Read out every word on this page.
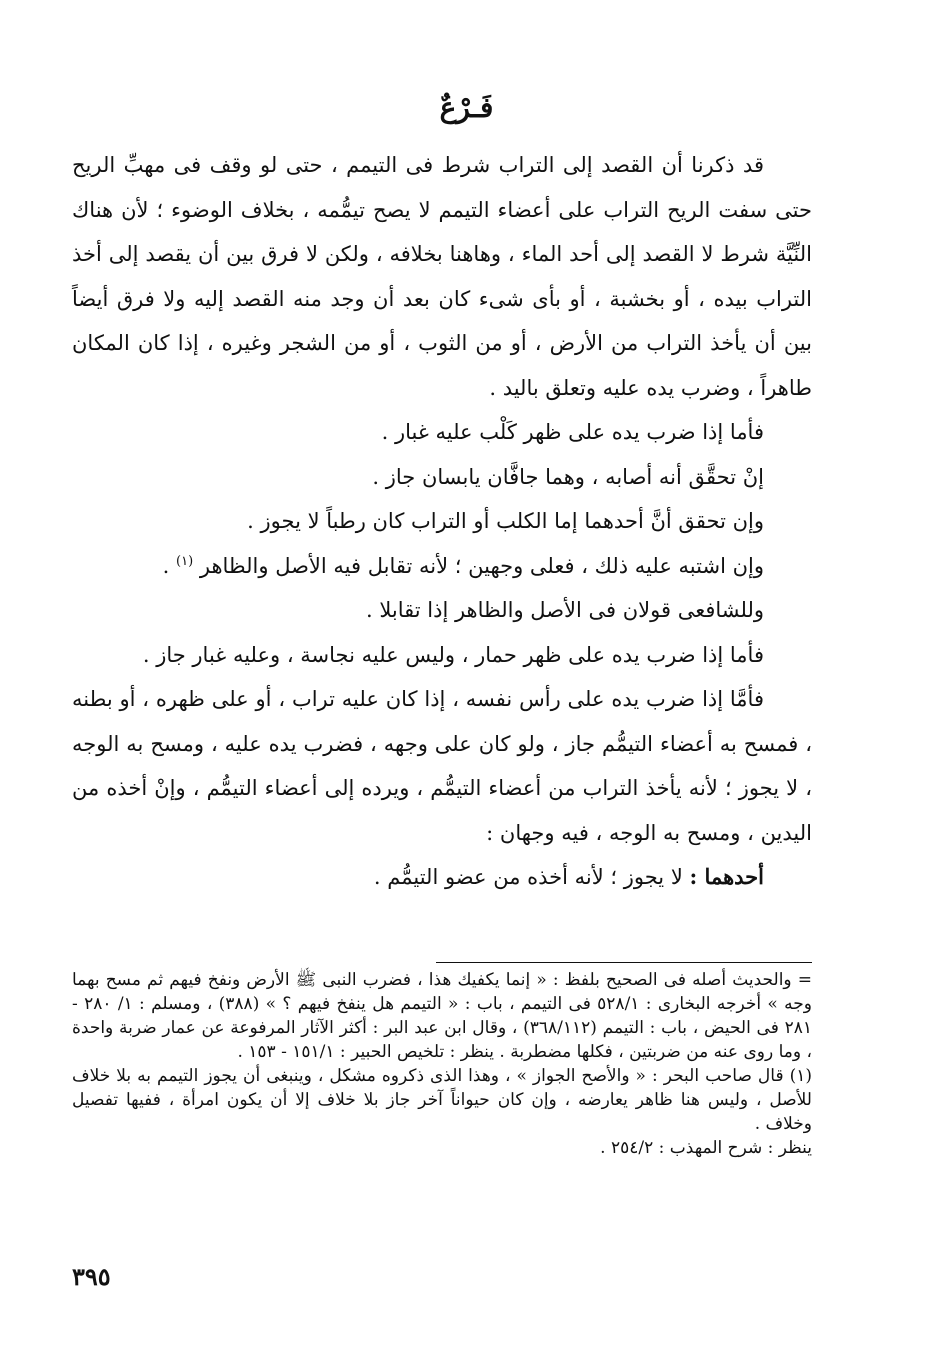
فَـرْعٌ

قد ذكرنا أن القصد إلى التراب شرط فى التيمم ، حتى لو وقف فى مهبِّ الريح حتى سفت الريح التراب على أعضاء التيمم لا يصح تيمُّمه ، بخلاف الوضوء ؛ لأن هناك النِّيَّة شرط لا القصد إلى أحد الماء ، وهاهنا بخلافه ، ولكن لا فرق بين أن يقصد إلى أخذ التراب بيده ، أو بخشبة ، أو بأى شىء كان بعد أن وجد منه القصد إليه ولا فرق أيضاً بين أن يأخذ التراب من الأرض ، أو من الثوب ، أو من الشجر وغيره ، إذا كان المكان طاهراً ، وضرب يده عليه وتعلق باليد .

فأما إذا ضرب يده على ظهر كَلْب عليه غبار .

إنْ تحقَّق أنه أصابه ، وهما جافَّان يابسان جاز .

وإن تحقق أنَّ أحدهما إما الكلب أو التراب كان رطباً لا يجوز .

وإن اشتبه عليه ذلك ، فعلى وجهين ؛ لأنه تقابل فيه الأصل والظاهر $^{(١)}$ .

وللشافعى قولان فى الأصل والظاهر إذا تقابلا .

فأما إذا ضرب يده على ظهر حمار ، وليس عليه نجاسة ، وعليه غبار جاز .

فأمَّا إذا ضرب يده على رأس نفسه ، إذا كان عليه تراب ، أو على ظهره ، أو بطنه ، فمسح به أعضاء التيمُّم جاز ، ولو كان على وجهه ، فضرب يده عليه ، ومسح به الوجه ، لا يجوز ؛ لأنه يأخذ التراب من أعضاء التيمُّم ، ويرده إلى أعضاء التيمُّم ، وإنْ أخذه من اليدين ، ومسح به الوجه ، فيه وجهان :

أحدهما : لا يجوز ؛ لأنه أخذه من عضو التيمُّم .

= والحديث أصله فى الصحيح بلفظ : « إنما يكفيك هذا ، فضرب النبى ﷺ الأرض ونفخ فيهم ثم مسح بهما وجه » أخرجه البخارى : ٥٢٨/١ فى التيمم ، باب : « التيمم هل ينفخ فيهم ؟ » (٣٨٨) ، ومسلم : ١/ ٢٨٠ - ٢٨١ فى الحيض ، باب : التيمم (٣٦٨/١١٢) ، وقال ابن عبد البر : أكثر الآثار المرفوعة عن عمار ضربة واحدة ، وما روى عنه من ضربتين ، فكلها مضطربة . ينظر : تلخيص الحبير : ١٥١/١ - ١٥٣ .

(١) قال صاحب البحر : « والأصح الجواز » ، وهذا الذى ذكروه مشكل ، وينبغى أن يجوز التيمم به بلا خلاف للأصل ، وليس هنا ظاهر يعارضه ، وإن كان حيواناً آخر جاز بلا خلاف إلا أن يكون امرأة ، ففيها تفصيل وخلاف .

ينظر : شرح المهذب : ٢٥٤/٢ .

٣٩٥
